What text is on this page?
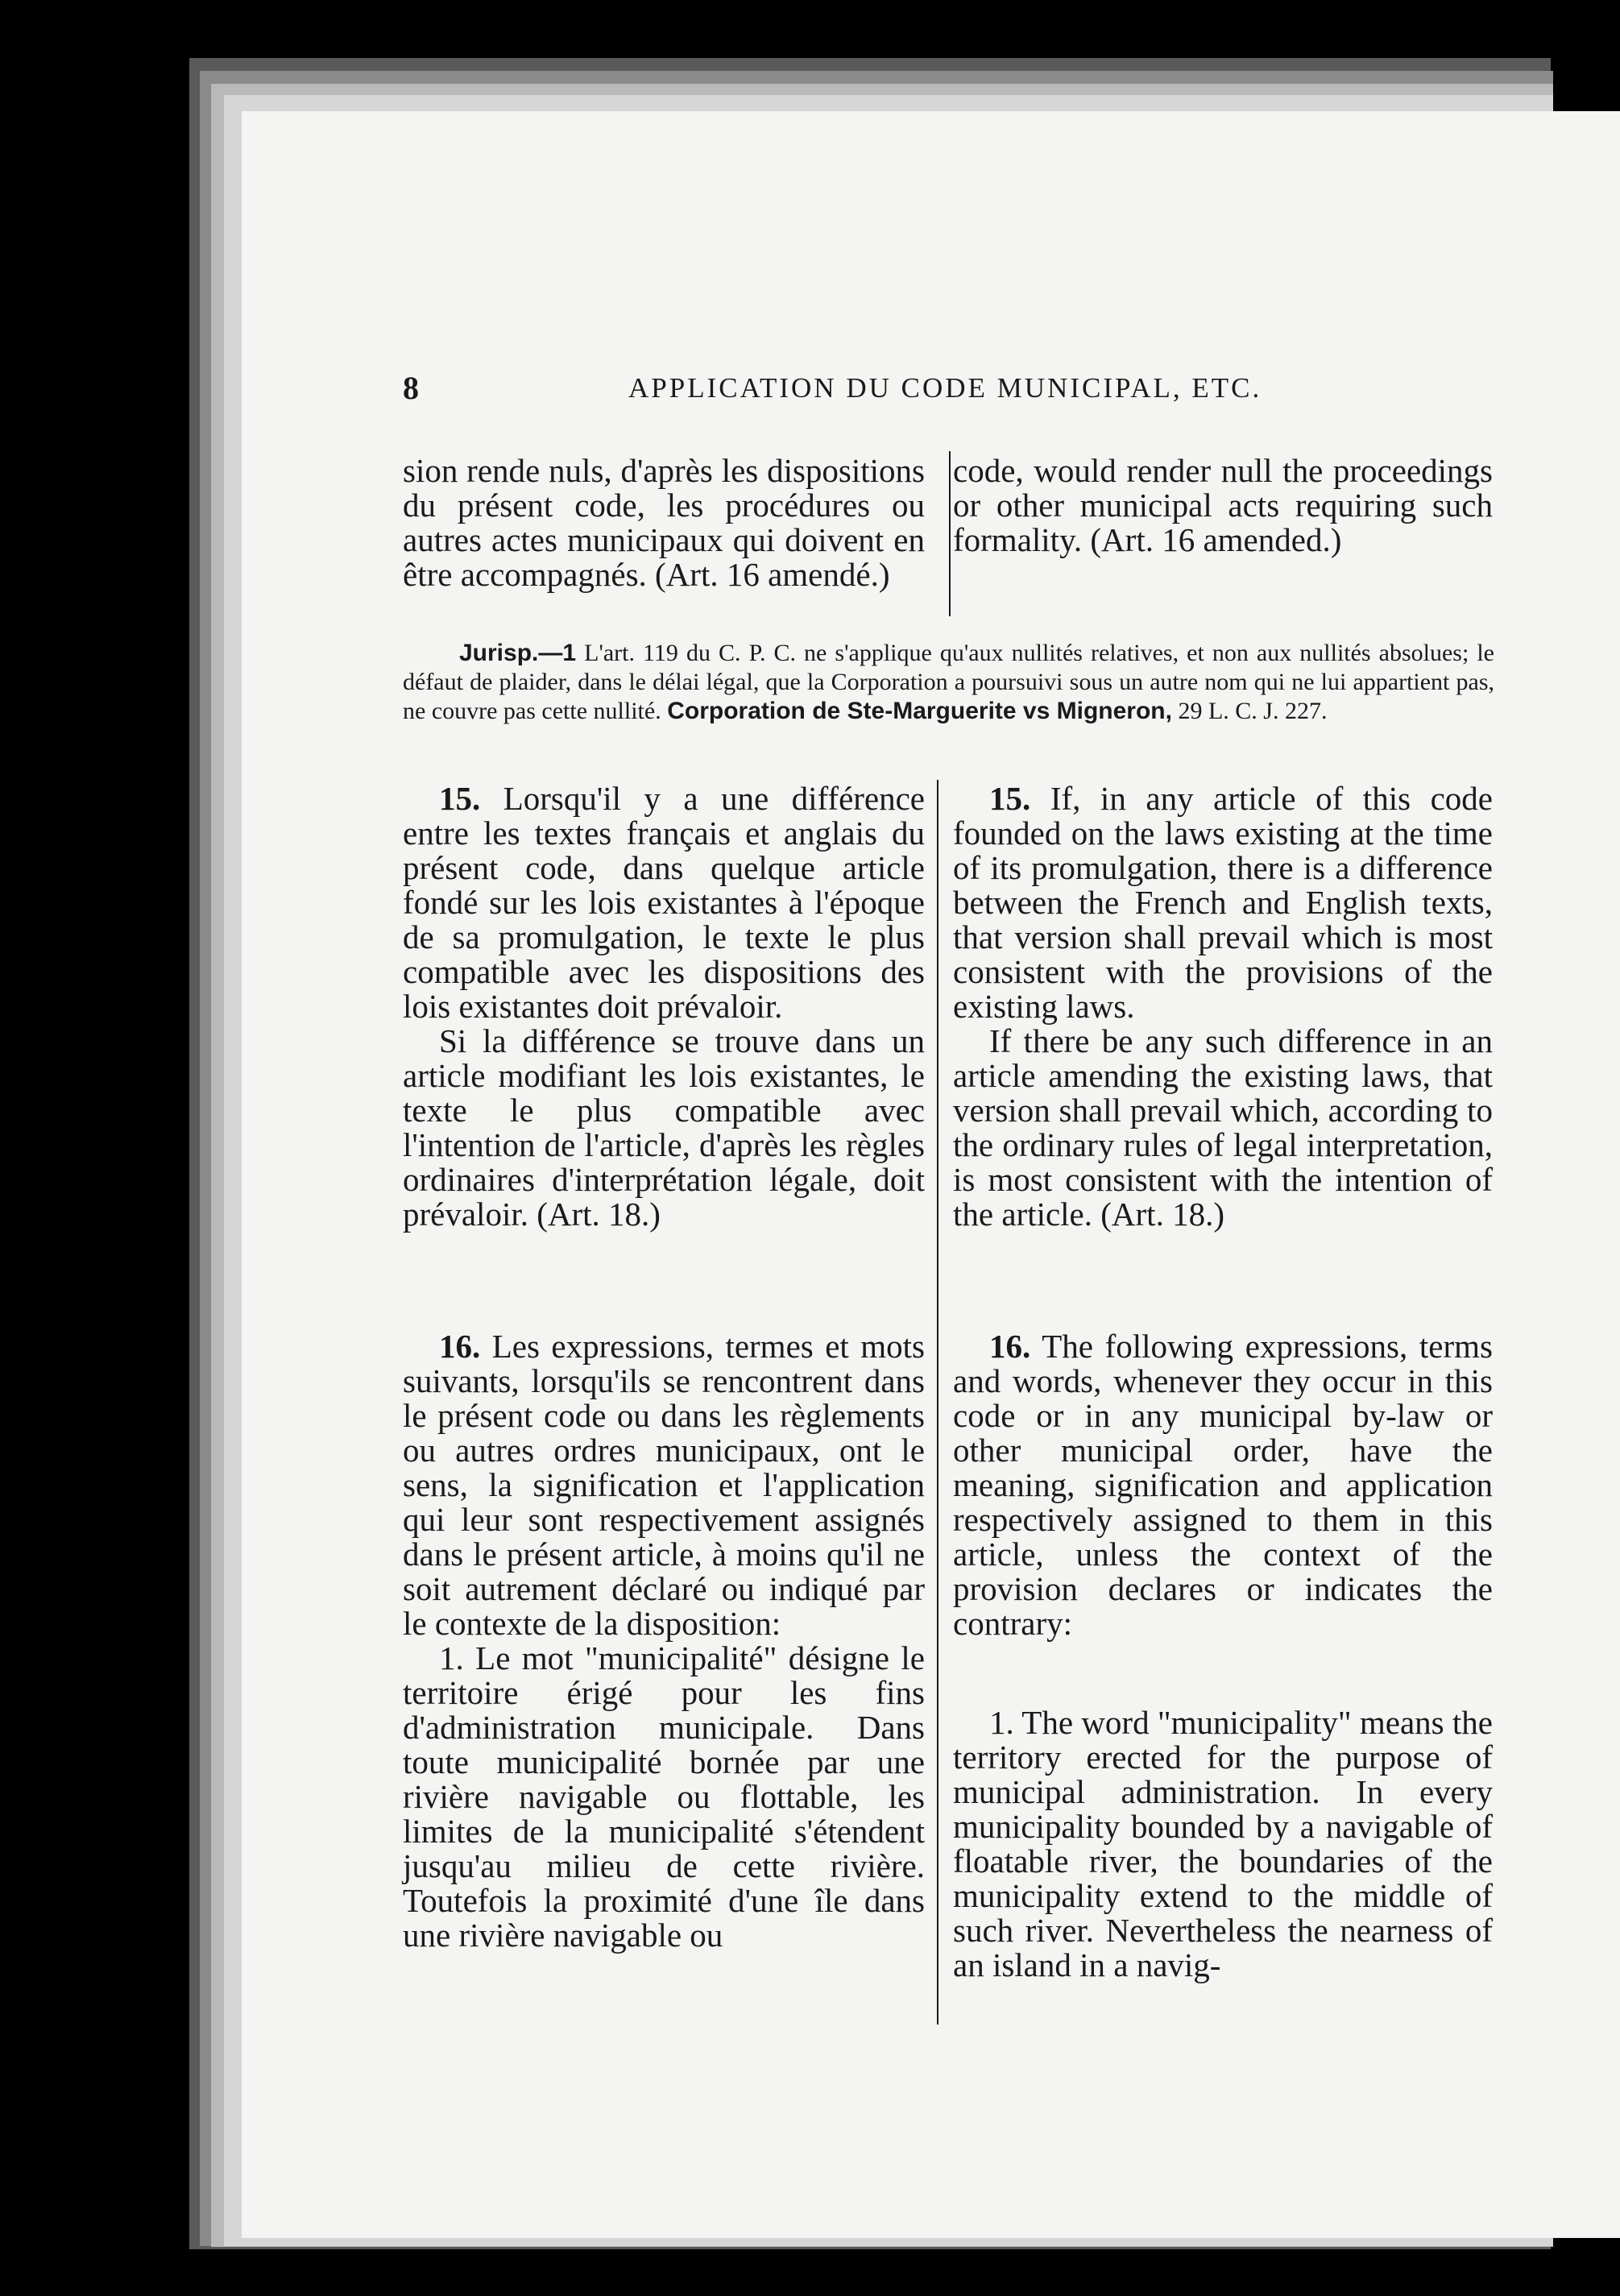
8	APPLICATION DU CODE MUNICIPAL, ETC.

sion rende nuls, d'après les dispositions du présent code, les procédures ou autres actes municipaux qui doivent en être accompagnés. (Art. 16 amendé.)

code, would render null the proceedings or other municipal acts requiring such formality. (Art. 16 amended.)

Jurisp.—1 L'art. 119 du C. P. C. ne s'applique qu'aux nullités relatives, et non aux nullités absolues; le défaut de plaider, dans le délai légal, que la Corporation a poursuivi sous un autre nom qui ne lui appartient pas, ne couvre pas cette nullité. Corporation de Ste-Marguerite vs Migneron, 29 L. C. J. 227.

15. Lorsqu'il y a une différence entre les textes français et anglais du présent code, dans quelque article fondé sur les lois existantes à l'époque de sa promulgation, le texte le plus compatible avec les dispositions des lois existantes doit prévaloir.

Si la différence se trouve dans un article modifiant les lois existantes, le texte le plus compatible avec l'intention de l'article, d'après les règles ordinaires d'interprétation légale, doit prévaloir. (Art. 18.)

15. If, in any article of this code founded on the laws existing at the time of its promulgation, there is a difference between the French and English texts, that version shall prevail which is most consistent with the provisions of the existing laws.

If there be any such difference in an article amending the existing laws, that version shall prevail which, according to the ordinary rules of legal interpretation, is most consistent with the intention of the article. (Art. 18.)

16. Les expressions, termes et mots suivants, lorsqu'ils se rencontrent dans le présent code ou dans les règlements ou autres ordres municipaux, ont le sens, la signification et l'application qui leur sont respectivement assignés dans le présent article, à moins qu'il ne soit autrement déclaré ou indiqué par le contexte de la disposition:

1. Le mot "municipalité" désigne le territoire érigé pour les fins d'administration municipale. Dans toute municipalité bornée par une rivière navigable ou flottable, les limites de la municipalité s'étendent jusqu'au milieu de cette rivière. Toutefois la proximité d'une île dans une rivière navigable ou

16. The following expressions, terms and words, whenever they occur in this code or in any municipal by-law or other municipal order, have the meaning, signification and application respectively assigned to them in this article, unless the context of the provision declares or indicates the contrary:

1. The word "municipality" means the territory erected for the purpose of municipal administration. In every municipality bounded by a navigable of floatable river, the boundaries of the municipality extend to the middle of such river. Nevertheless the nearness of an island in a navig-
